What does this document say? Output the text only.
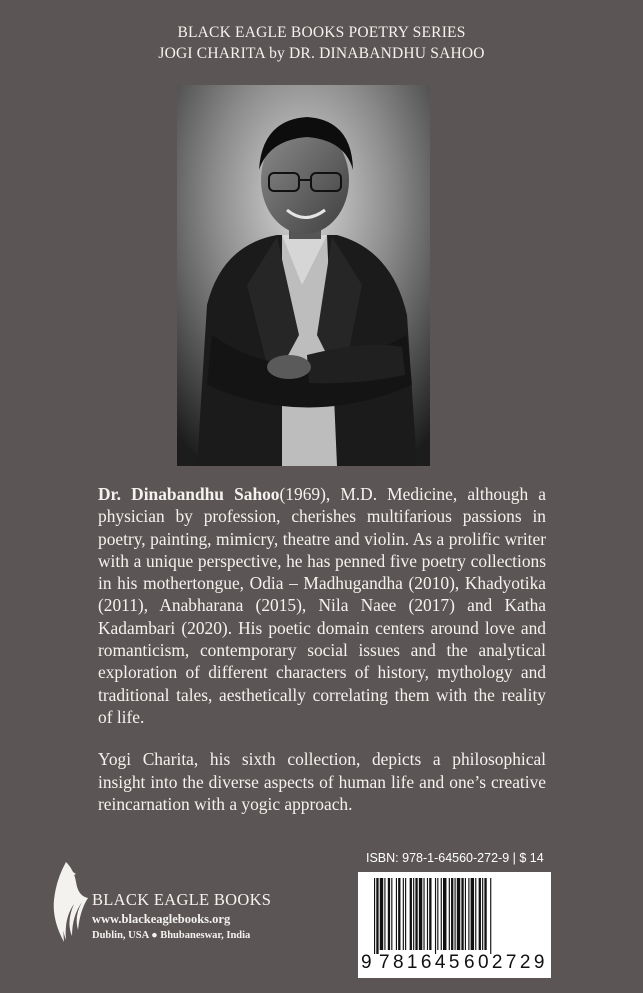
BLACK EAGLE BOOKS POETRY SERIES
JOGI CHARITA by DR. DINABANDHU SAHOO

Dr. Dinabandhu Sahoo(1969), M.D. Medicine, although a physician by profession, cherishes multifarious passions in poetry, painting, mimicry, theatre and violin. As a prolific writer with a unique perspective, he has penned five poetry collections in his mothertongue, Odia – Madhugandha (2010), Khadyotika (2011), Anabharana (2015), Nila Naee (2017) and Katha Kadambari (2020). His poetic domain centers around love and romanticism, contemporary social issues and the analytical exploration of different characters of history, mythology and traditional tales, aesthetically correlating them with the reality of life.

Yogi Charita, his sixth collection, depicts a philosophical insight into the diverse aspects of human life and one’s creative reincarnation with a yogic approach.

BLACK EAGLE BOOKS
www.blackeaglebooks.org
Dublin, USA ● Bhubaneswar, India
ISBN: 978-1-64560-272-9 | $ 14
9 781645 602729
